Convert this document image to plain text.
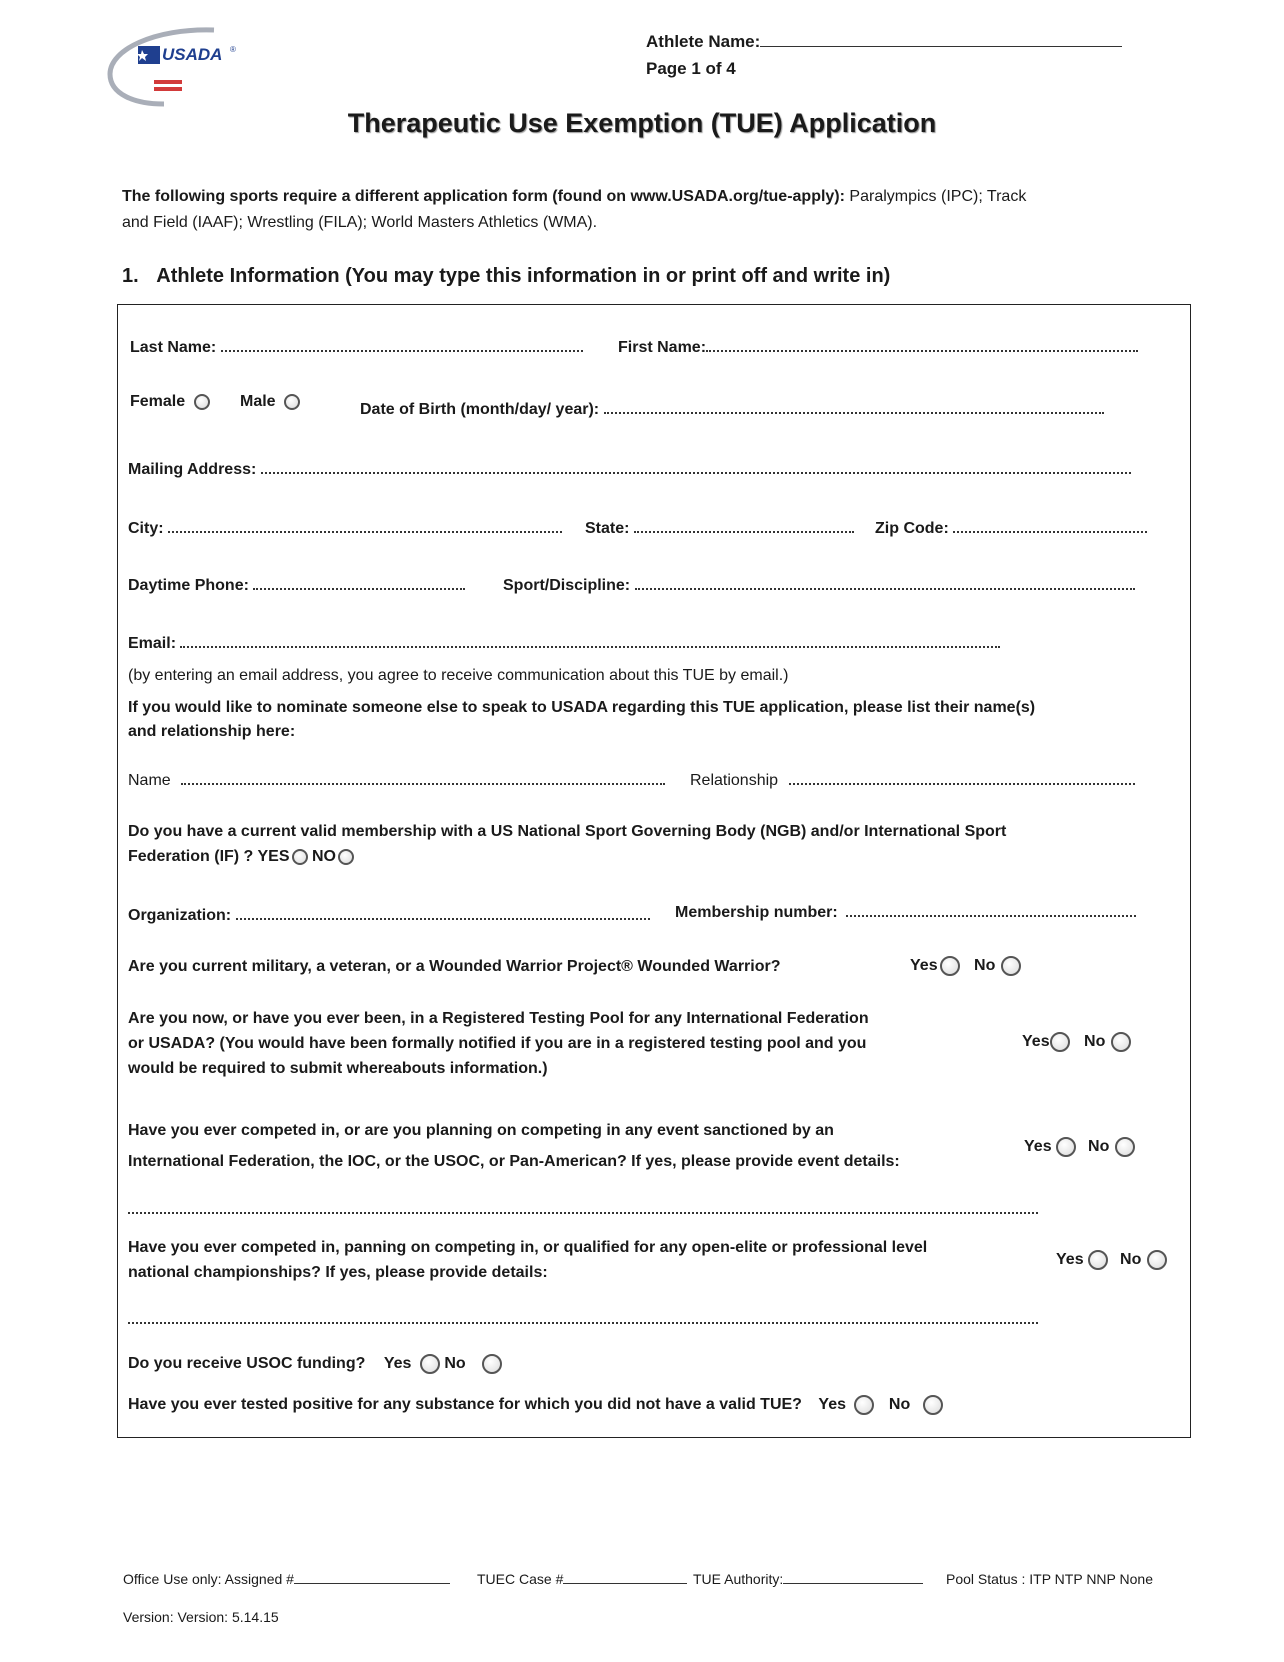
USADA ®	Athlete Name:
Page 1 of 4
Therapeutic Use Exemption (TUE) Application
The following sports require a different application form (found on www.USADA.org/tue-apply): Paralympics (IPC); Track
and Field (IAAF); Wrestling (FILA); World Masters Athletics (WMA).
1. Athlete Information (You may type this information in or print off and write in)
Last Name:	First Name:
Female	Male	Date of Birth (month/day/ year):
Mailing Address:
City:	State:	Zip Code:
Daytime Phone:	Sport/Discipline:
Email:
(by entering an email address, you agree to receive communication about this TUE by email.)
If you would like to nominate someone else to speak to USADA regarding this TUE application, please list their name(s)
and relationship here:
Name	Relationship
Do you have a current valid membership with a US National Sport Governing Body (NGB) and/or International Sport
Federation (IF) ? YES NO
Organization:	Membership number:
Are you current military, a veteran, or a Wounded Warrior Project® Wounded Warrior?	Yes No
Are you now, or have you ever been, in a Registered Testing Pool for any International Federation
or USADA? (You would have been formally notified if you are in a registered testing pool and you
would be required to submit whereabouts information.)
Yes No
Have you ever competed in, or are you planning on competing in any event sanctioned by an
International Federation, the IOC, or the USOC, or Pan-American? If yes, please provide event details:
Yes No
Have you ever competed in, panning on competing in, or qualified for any open-elite or professional level
national championships? If yes, please provide details:
Yes No
Do you receive USOC funding? Yes No
Have you ever tested positive for any substance for which you did not have a valid TUE? Yes	No
Office Use only: Assigned #	TUEC Case #	TUE Authority:	Pool Status : ITP NTP NNP None
Version: Version: 5.14.15
